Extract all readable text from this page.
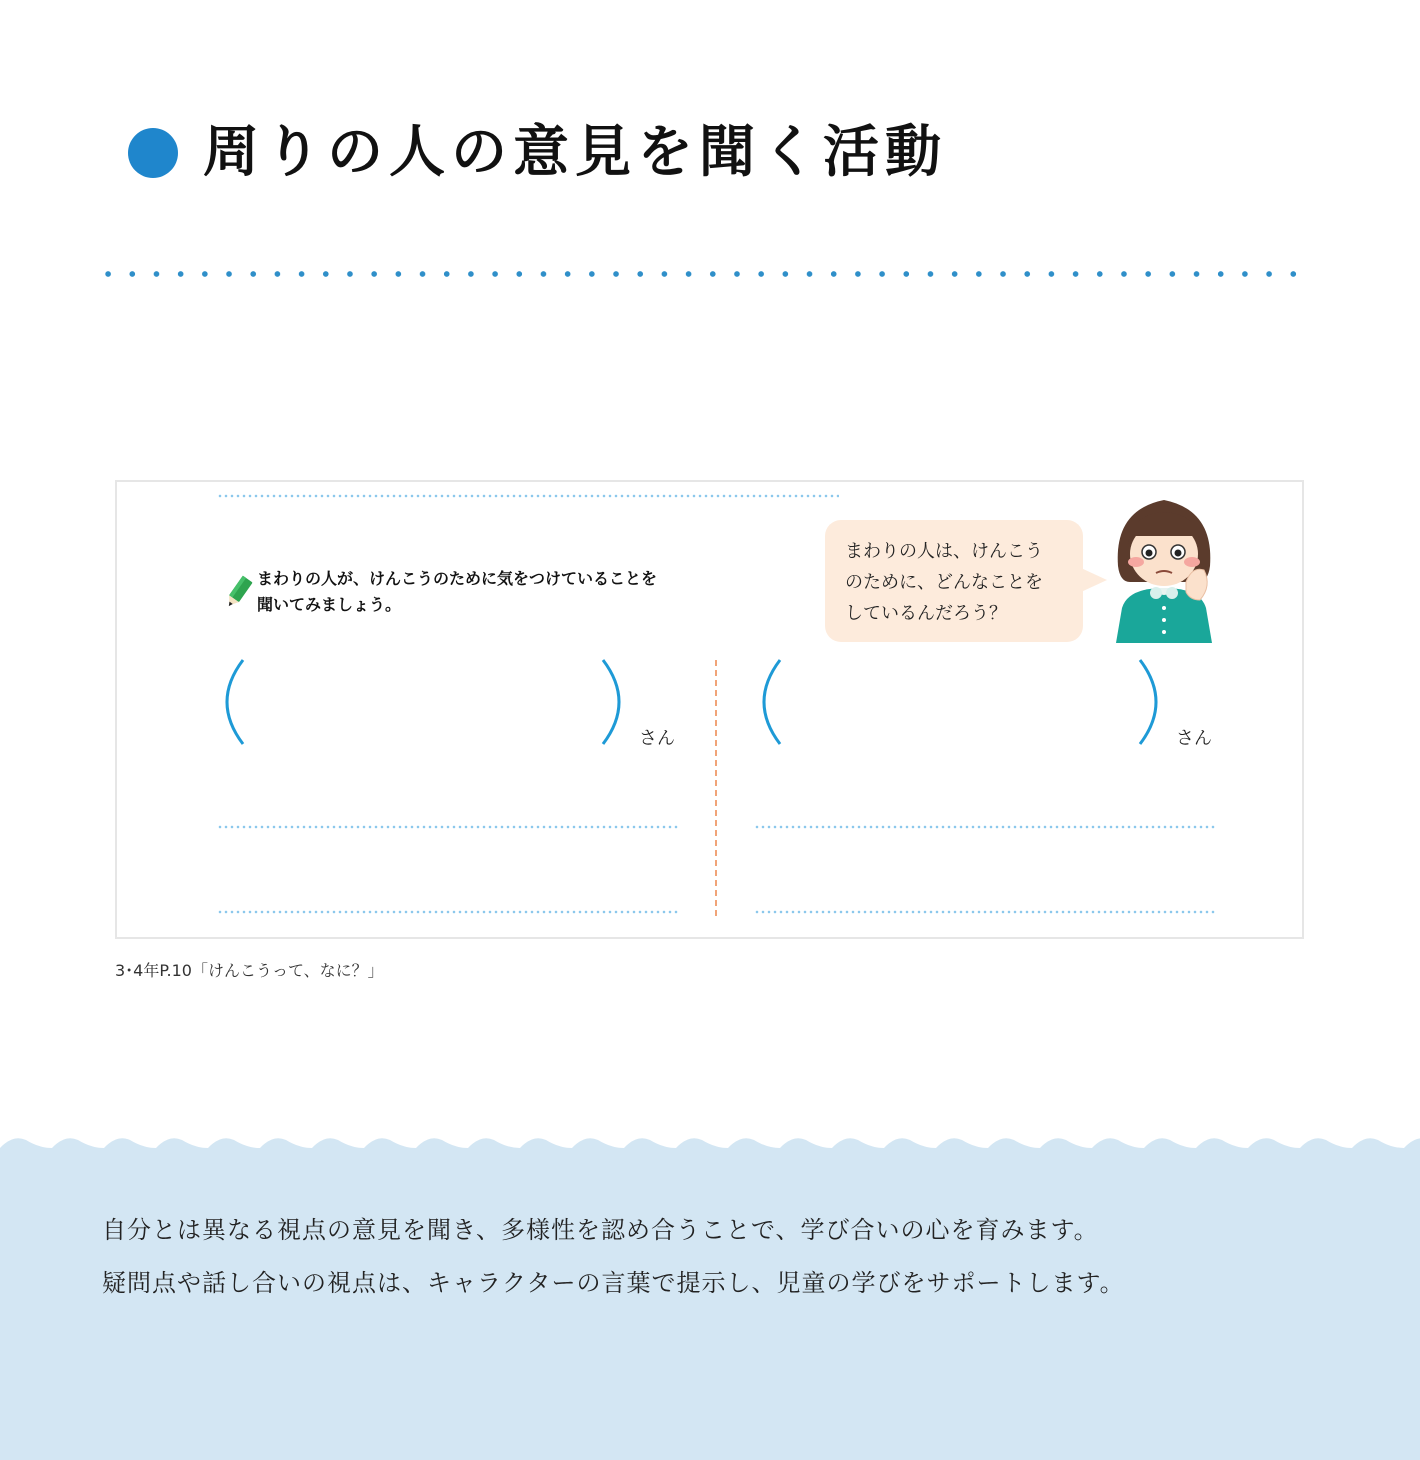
周りの人の意見を聞く活動
まわりの人が、けんこうのために気をつけていることを
聞いてみましょう。

まわりの人は、けんこう
のために、どんなことを
しているんだろう？

さん	さん

3･4年P.10「けんこうって、なに？」

自分とは異なる視点の意見を聞き、多様性を認め合うことで、学び合いの心を育みます。

疑問点や話し合いの視点は、キャラクターの言葉で提示し、児童の学びをサポートします。
